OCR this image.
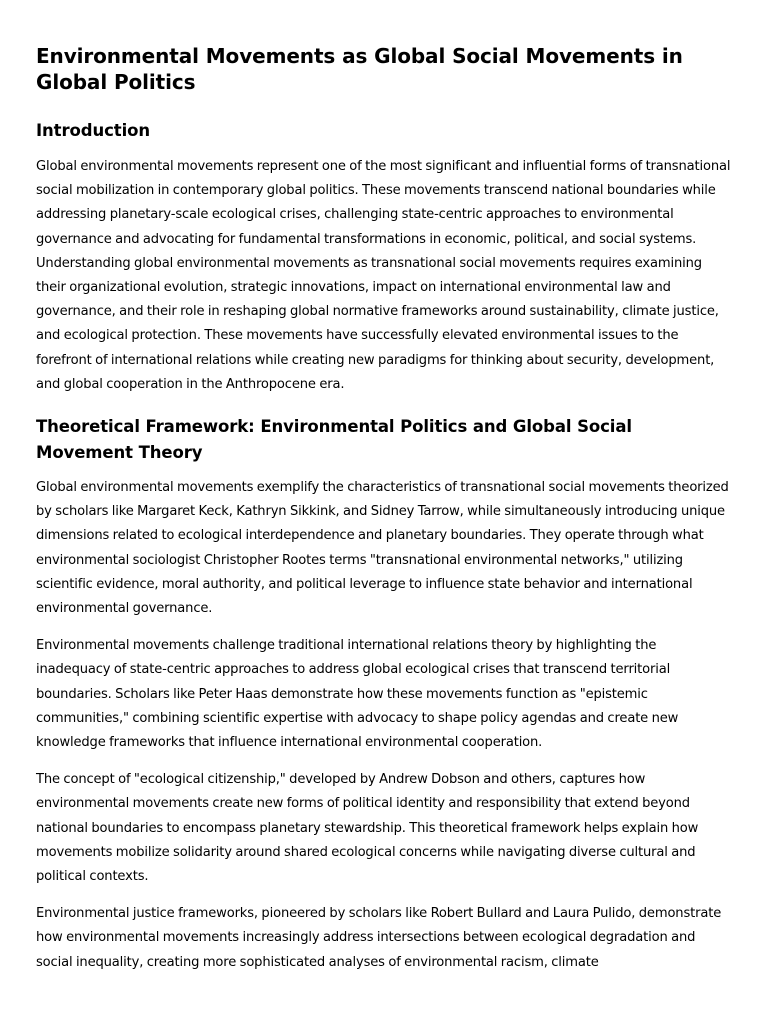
Environmental Movements as Global Social Movements in Global Politics
Introduction

Global environmental movements represent one of the most significant and influential forms of transnational social mobilization in contemporary global politics. These movements transcend national boundaries while addressing planetary-scale ecological crises, challenging state-centric approaches to environmental governance and advocating for fundamental transformations in economic, political, and social systems. Understanding global environmental movements as transnational social movements requires examining their organizational evolution, strategic innovations, impact on international environmental law and governance, and their role in reshaping global normative frameworks around sustainability, climate justice, and ecological protection. These movements have successfully elevated environmental issues to the forefront of international relations while creating new paradigms for thinking about security, development, and global cooperation in the Anthropocene era.

Theoretical Framework: Environmental Politics and Global Social Movement Theory

Global environmental movements exemplify the characteristics of transnational social movements theorized by scholars like Margaret Keck, Kathryn Sikkink, and Sidney Tarrow, while simultaneously introducing unique dimensions related to ecological interdependence and planetary boundaries. They operate through what environmental sociologist Christopher Rootes terms "transnational environmental networks," utilizing scientific evidence, moral authority, and political leverage to influence state behavior and international environmental governance.

Environmental movements challenge traditional international relations theory by highlighting the inadequacy of state-centric approaches to address global ecological crises that transcend territorial boundaries. Scholars like Peter Haas demonstrate how these movements function as "epistemic communities," combining scientific expertise with advocacy to shape policy agendas and create new knowledge frameworks that influence international environmental cooperation.

The concept of "ecological citizenship," developed by Andrew Dobson and others, captures how environmental movements create new forms of political identity and responsibility that extend beyond national boundaries to encompass planetary stewardship. This theoretical framework helps explain how movements mobilize solidarity around shared ecological concerns while navigating diverse cultural and political contexts.

Environmental justice frameworks, pioneered by scholars like Robert Bullard and Laura Pulido, demonstrate how environmental movements increasingly address intersections between ecological degradation and social inequality, creating more sophisticated analyses of environmental racism, climate
